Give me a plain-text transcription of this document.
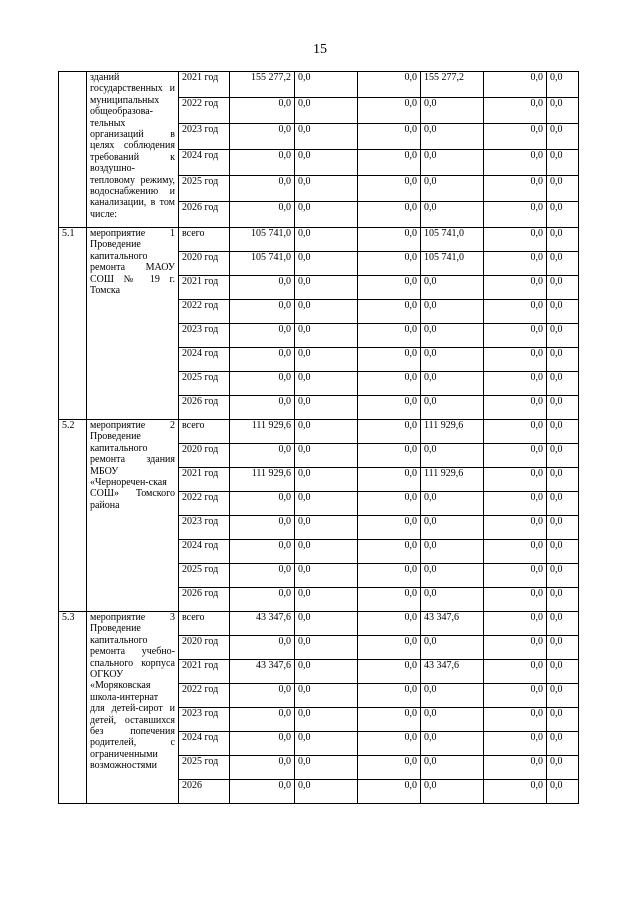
15

	зданий государственных и муниципальных общеобразова-тельных организаций в целях соблюдения требований к воздушно-тепловому режиму, водоснабжению и канализации, в том числе:	2021 год	155 277,2	0,0	0,0	155 277,2	0,0	0,0
		2022 год	0,0	0,0	0,0	0,0	0,0	0,0
		2023 год	0,0	0,0	0,0	0,0	0,0	0,0
		2024 год	0,0	0,0	0,0	0,0	0,0	0,0
		2025 год	0,0	0,0	0,0	0,0	0,0	0,0
		2026 год	0,0	0,0	0,0	0,0	0,0	0,0
5.1	мероприятие 1 Проведение капитального ремонта МАОУ СОШ № 19 г. Томска	всего	105 741,0	0,0	0,0	105 741,0	0,0	0,0
		2020 год	105 741,0	0,0	0,0	105 741,0	0,0	0,0
		2021 год	0,0	0,0	0,0	0,0	0,0	0,0
		2022 год	0,0	0,0	0,0	0,0	0,0	0,0
		2023 год	0,0	0,0	0,0	0,0	0,0	0,0
		2024 год	0,0	0,0	0,0	0,0	0,0	0,0
		2025 год	0,0	0,0	0,0	0,0	0,0	0,0
		2026 год	0,0	0,0	0,0	0,0	0,0	0,0
5.2	мероприятие 2 Проведение капитального ремонта здания МБОУ «Черноречен-ская СОШ» Томского района	всего	111 929,6	0,0	0,0	111 929,6	0,0	0,0
		2020 год	0,0	0,0	0,0	0,0	0,0	0,0
		2021 год	111 929,6	0,0	0,0	111 929,6	0,0	0,0
		2022 год	0,0	0,0	0,0	0,0	0,0	0,0
		2023 год	0,0	0,0	0,0	0,0	0,0	0,0
		2024 год	0,0	0,0	0,0	0,0	0,0	0,0
		2025 год	0,0	0,0	0,0	0,0	0,0	0,0
		2026 год	0,0	0,0	0,0	0,0	0,0	0,0
5.3	мероприятие 3 Проведение капитального ремонта учебно-спального корпуса ОГКОУ «Моряковская школа-интернат для детей-сирот и детей, оставшихся без попечения родителей, с ограниченными возможностями	всего	43 347,6	0,0	0,0	43 347,6	0,0	0,0
		2020 год	0,0	0,0	0,0	0,0	0,0	0,0
		2021 год	43 347,6	0,0	0,0	43 347,6	0,0	0,0
		2022 год	0,0	0,0	0,0	0,0	0,0	0,0
		2023 год	0,0	0,0	0,0	0,0	0,0	0,0
		2024 год	0,0	0,0	0,0	0,0	0,0	0,0
		2025 год	0,0	0,0	0,0	0,0	0,0	0,0
		2026	0,0	0,0	0,0	0,0	0,0	0,0
